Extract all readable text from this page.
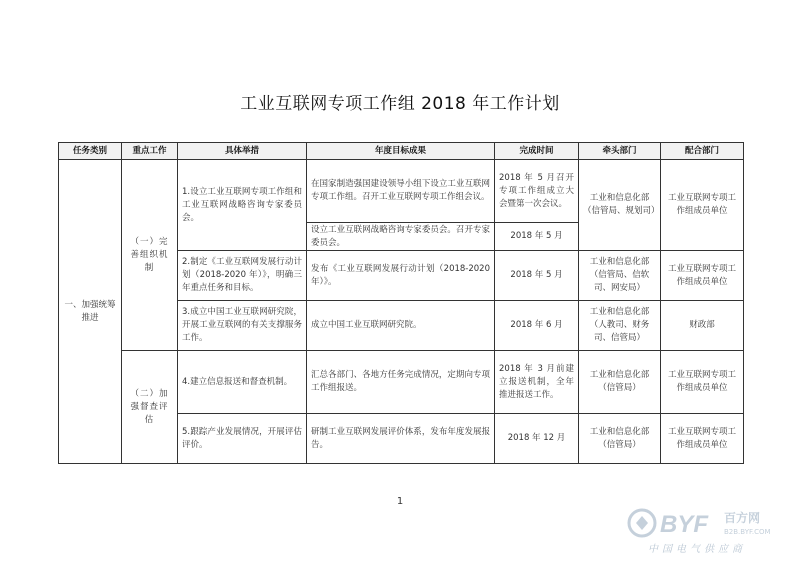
工业互联网专项工作组 2018 年工作计划
任务类别	重点工作	具体举措	年度目标成果	完成时间	牵头部门	配合部门
一、加强统筹推进	（一）完善组织机制	1.设立工业互联网专项工作组和工业互联网战略咨询专家委员会。	在国家制造强国建设领导小组下设立工业互联网专项工作组。召开工业互联网专项工作组会议。	2018 年 5 月召开专项工作组成立大会暨第一次会议。	工业和信息化部（信管局、规划司）	工业互联网专项工作组成员单位
			设立工业互联网战略咨询专家委员会。召开专家委员会。	2018 年 5 月		
		2.制定《工业互联网发展行动计划（2018-2020 年）》，明确三年重点任务和目标。	发布《工业互联网发展行动计划（2018-2020 年）》。	2018 年 5 月	工业和信息化部（信管局、信软司、网安局）	工业互联网专项工作组成员单位
		3.成立中国工业互联网研究院，开展工业互联网的有关支撑服务工作。	成立中国工业互联网研究院。	2018 年 6 月	工业和信息化部（人教司、财务司、信管局）	财政部
	（二）加强督查评估	4.建立信息报送和督查机制。	汇总各部门、各地方任务完成情况，定期向专项工作组报送。	2018 年 3 月前建立报送机制，全年推进报送工作。	工业和信息化部（信管局）	工业互联网专项工作组成员单位
		5.跟踪产业发展情况，开展评估评价。	研制工业互联网发展评价体系，发布年度发展报告。	2018 年 12 月	工业和信息化部（信管局）	工业互联网专项工作组成员单位
1
BYF 百方网
B2B.BYF.COM
中国电气供应商
